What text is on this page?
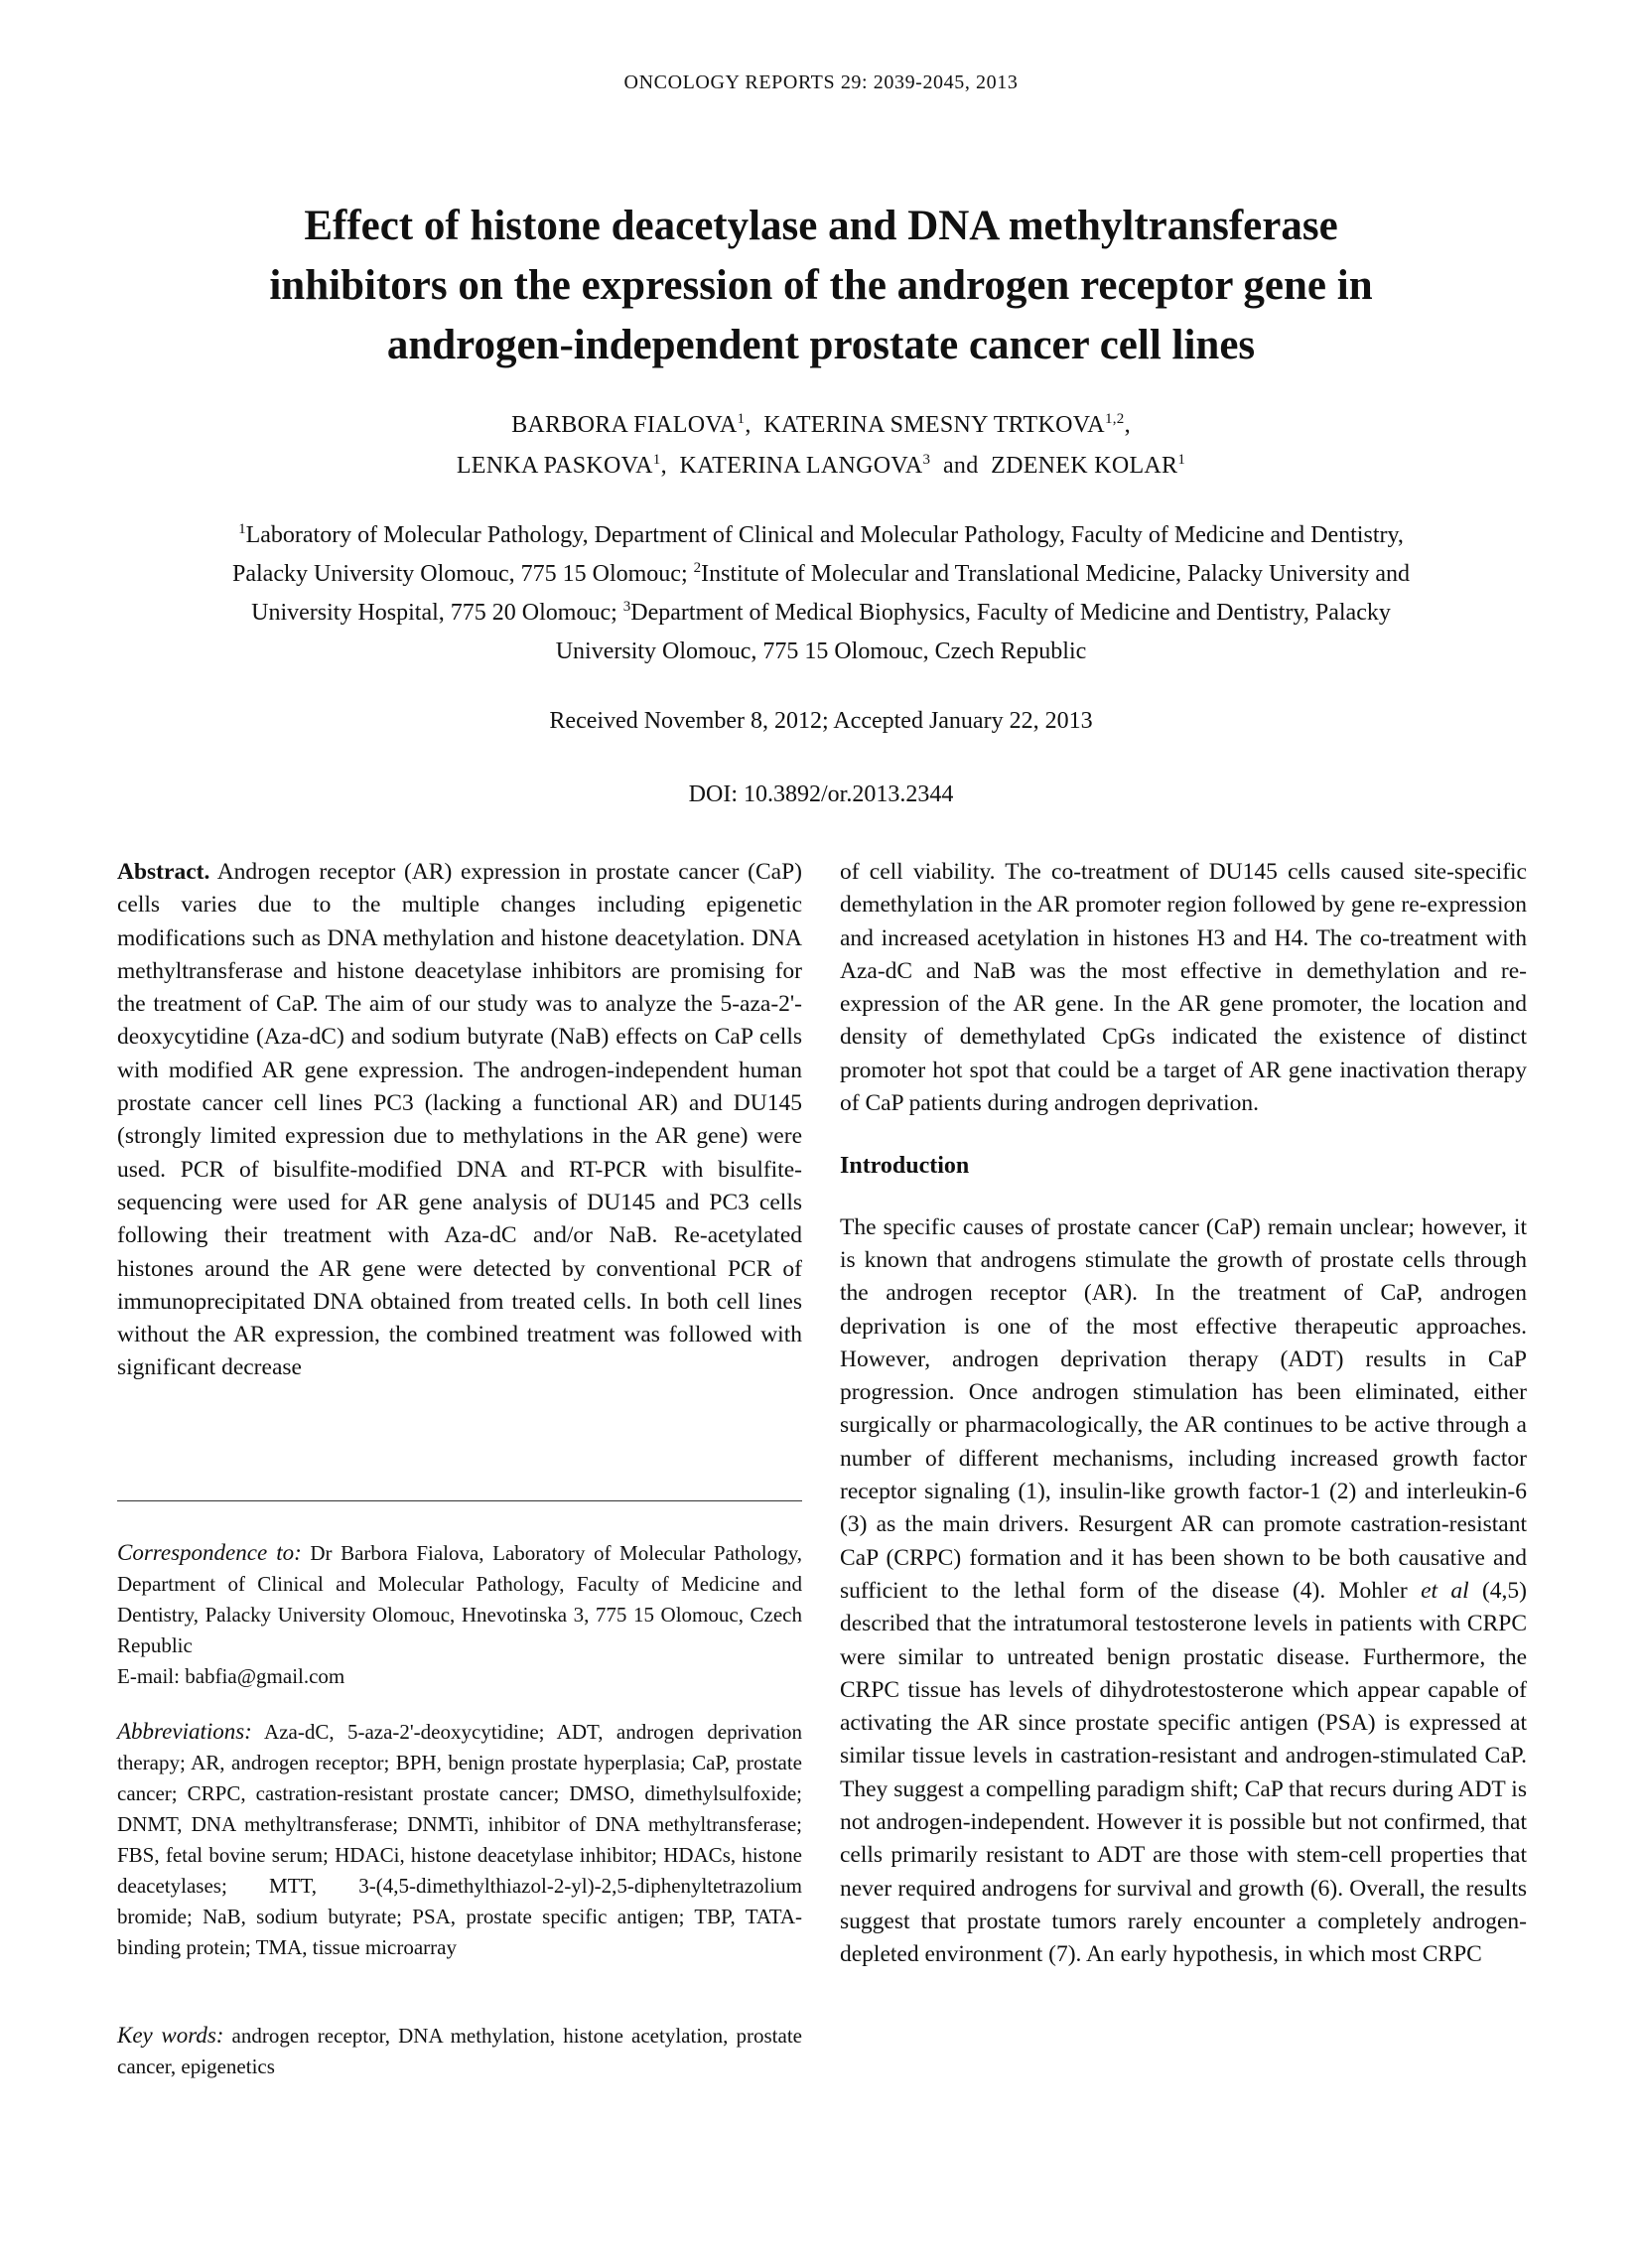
ONCOLOGY REPORTS 29: 2039-2045, 2013
Effect of histone deacetylase and DNA methyltransferase
inhibitors on the expression of the androgen receptor gene in
androgen-independent prostate cancer cell lines
BARBORA FIALOVA$^1$,  KATERINA SMESNY TRTKOVA$^{1,2}$,
LENKA PASKOVA$^1$,  KATERINA LANGOVA$^3$  and  ZDENEK KOLAR$^1$
$^1$Laboratory of Molecular Pathology, Department of Clinical and Molecular Pathology, Faculty of Medicine and Dentistry, Palacky University Olomouc, 775 15 Olomouc; $^2$Institute of Molecular and Translational Medicine, Palacky University and University Hospital, 775 20 Olomouc; $^3$Department of Medical Biophysics, Faculty of Medicine and Dentistry, Palacky University Olomouc, 775 15 Olomouc, Czech Republic
Received November 8, 2012; Accepted January 22, 2013
DOI: 10.3892/or.2013.2344

Abstract. Androgen receptor (AR) expression in prostate cancer (CaP) cells varies due to the multiple changes including epigenetic modifications such as DNA methylation and histone deacetylation. DNA methyltransferase and histone deacetylase inhibitors are promising for the treatment of CaP. The aim of our study was to analyze the 5-aza-2'-deoxycytidine (Aza-dC) and sodium butyrate (NaB) effects on CaP cells with modified AR gene expression. The androgen-independent human prostate cancer cell lines PC3 (lacking a functional AR) and DU145 (strongly limited expression due to methylations in the AR gene) were used. PCR of bisulfite-modified DNA and RT-PCR with bisulfite-sequencing were used for AR gene analysis of DU145 and PC3 cells following their treatment with Aza-dC and/or NaB. Re-acetylated histones around the AR gene were detected by conventional PCR of immunoprecipitated DNA obtained from treated cells. In both cell lines without the AR expression, the combined treatment was followed with significant decrease

Correspondence to: Dr Barbora Fialova, Laboratory of Molecular Pathology, Department of Clinical and Molecular Pathology, Faculty of Medicine and Dentistry, Palacky University Olomouc, Hnevotinska 3, 775 15 Olomouc, Czech Republic

E-mail: babfia@gmail.com

Abbreviations: Aza-dC, 5-aza-2'-deoxycytidine; ADT, androgen deprivation therapy; AR, androgen receptor; BPH, benign prostate hyperplasia; CaP, prostate cancer; CRPC, castration-resistant prostate cancer; DMSO, dimethylsulfoxide; DNMT, DNA methyltransferase; DNMTi, inhibitor of DNA methyltransferase; FBS, fetal bovine serum; HDACi, histone deacetylase inhibitor; HDACs, histone deacetylases; MTT, 3-(4,5-dimethylthiazol-2-yl)-2,5-diphenyltetrazolium bromide; NaB, sodium butyrate; PSA, prostate specific antigen; TBP, TATA-binding protein; TMA, tissue microarray

Key words: androgen receptor, DNA methylation, histone acetylation, prostate cancer, epigenetics

of cell viability. The co-treatment of DU145 cells caused site-specific demethylation in the AR promoter region followed by gene re-expression and increased acetylation in histones H3 and H4. The co-treatment with Aza-dC and NaB was the most effective in demethylation and re-expression of the AR gene. In the AR gene promoter, the location and density of demethylated CpGs indicated the existence of distinct promoter hot spot that could be a target of AR gene inactivation therapy of CaP patients during androgen deprivation.

Introduction

The specific causes of prostate cancer (CaP) remain unclear; however, it is known that androgens stimulate the growth of prostate cells through the androgen receptor (AR). In the treatment of CaP, androgen deprivation is one of the most effective therapeutic approaches. However, androgen deprivation therapy (ADT) results in CaP progression. Once androgen stimulation has been eliminated, either surgically or pharmacologically, the AR continues to be active through a number of different mechanisms, including increased growth factor receptor signaling (1), insulin-like growth factor-1 (2) and interleukin-6 (3) as the main drivers. Resurgent AR can promote castration-resistant CaP (CRPC) formation and it has been shown to be both causative and sufficient to the lethal form of the disease (4). Mohler et al (4,5) described that the intratumoral testosterone levels in patients with CRPC were similar to untreated benign prostatic disease. Furthermore, the CRPC tissue has levels of dihydrotestosterone which appear capable of activating the AR since prostate specific antigen (PSA) is expressed at similar tissue levels in castration-resistant and androgen-stimulated CaP. They suggest a compelling paradigm shift; CaP that recurs during ADT is not androgen-independent. However it is possible but not confirmed, that cells primarily resistant to ADT are those with stem-cell properties that never required androgens for survival and growth (6). Overall, the results suggest that prostate tumors rarely encounter a completely androgen-depleted environment (7). An early hypothesis, in which most CRPC
